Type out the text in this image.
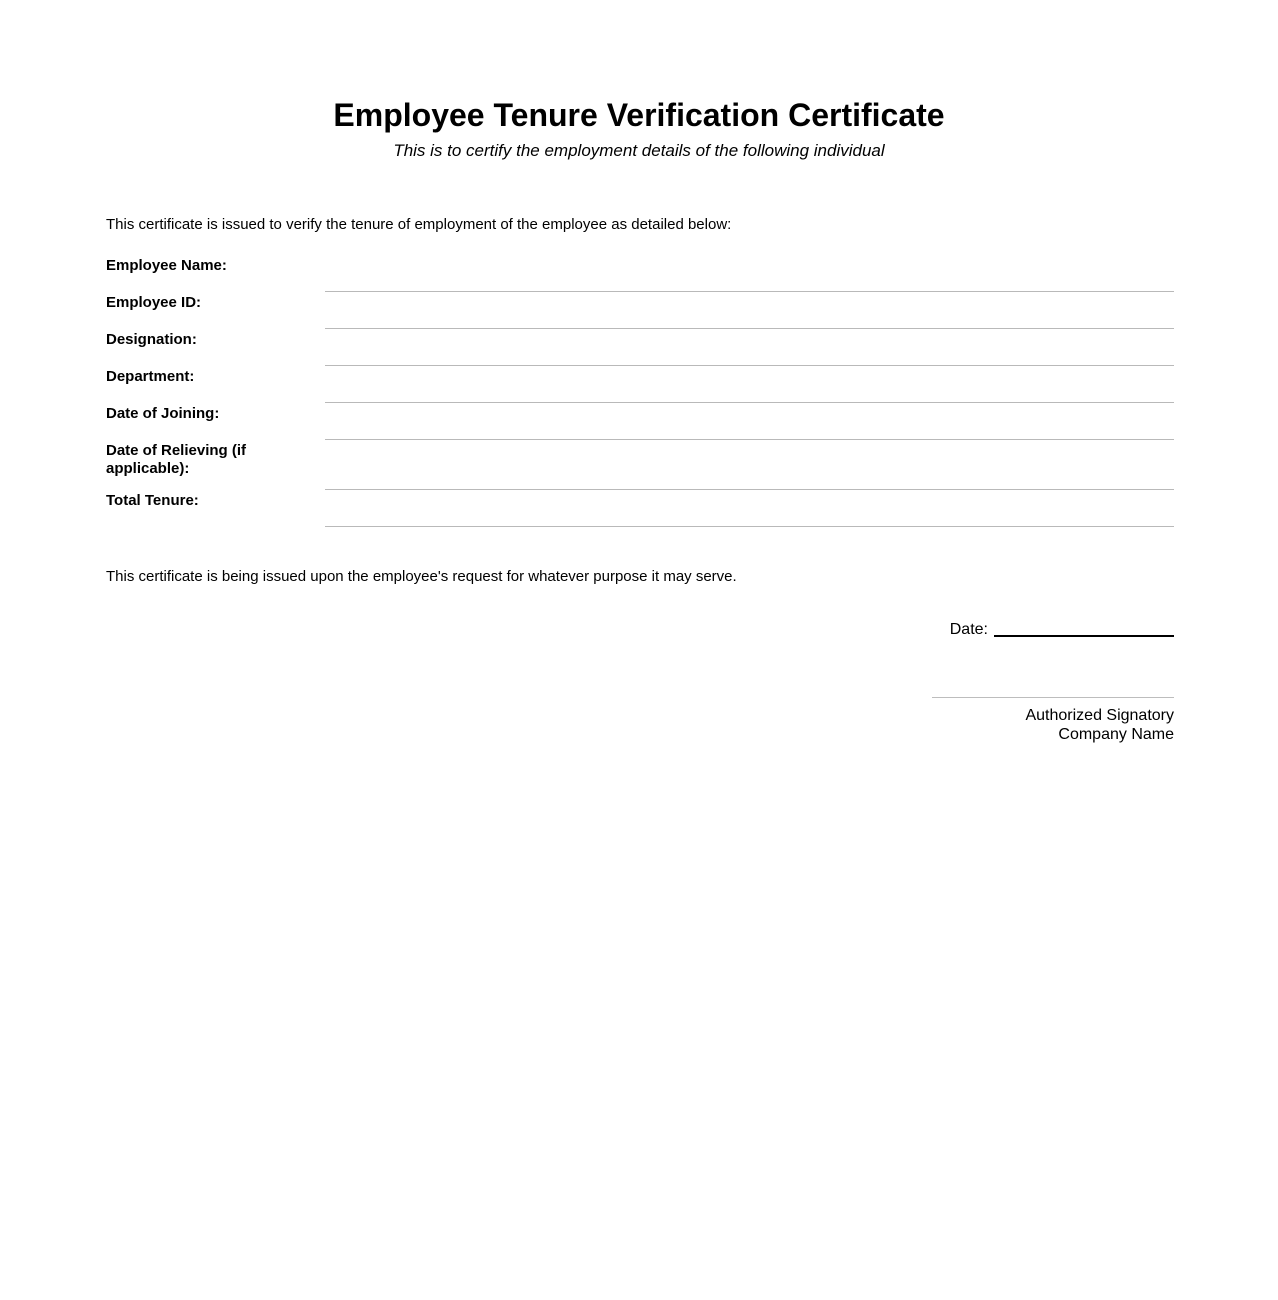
Employee Tenure Verification Certificate

This is to certify the employment details of the following individual

This certificate is issued to verify the tenure of employment of the employee as detailed below:

Employee Name:
Employee ID:
Designation:
Department:
Date of Joining:
Date of Relieving (if applicable):
Total Tenure:

This certificate is being issued upon the employee's request for whatever purpose it may serve.

Date:
Authorized Signatory
Company Name
